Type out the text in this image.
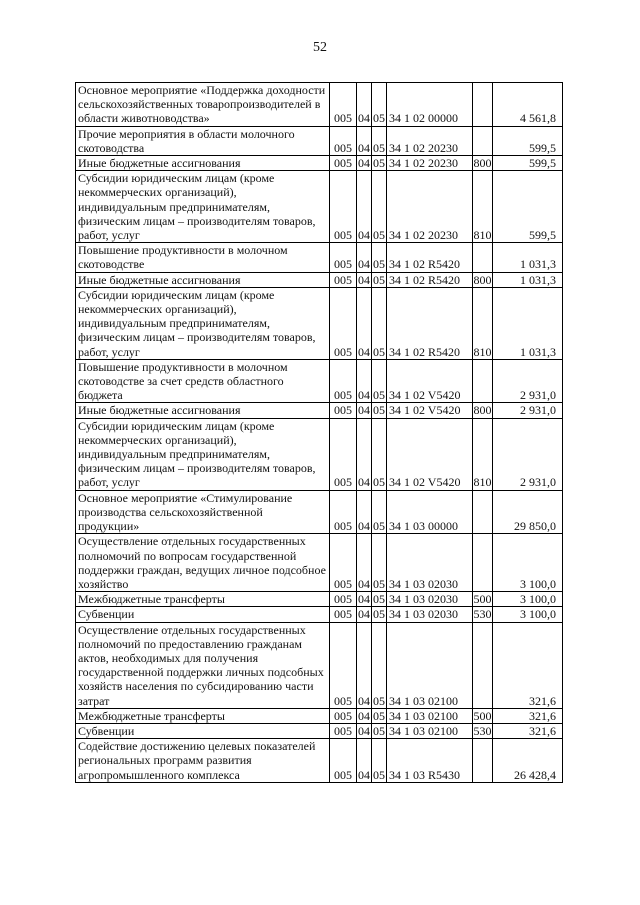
52
Основное мероприятие «Поддержка доходности сельскохозяйственных товаропроизводителей в области животноводства»	005	04	05	34 1 02 00000		4 561,8
Прочие мероприятия в области молочного скотоводства	005	04	05	34 1 02 20230		599,5
Иные бюджетные ассигнования	005	04	05	34 1 02 20230	800	599,5
Субсидии юридическим лицам (кроме некоммерческих организаций), индивидуальным предпринимателям, физическим лицам – производителям товаров, работ, услуг	005	04	05	34 1 02 20230	810	599,5
Повышение продуктивности в молочном скотоводстве	005	04	05	34 1 02 R5420		1 031,3
Иные бюджетные ассигнования	005	04	05	34 1 02 R5420	800	1 031,3
Субсидии юридическим лицам (кроме некоммерческих организаций), индивидуальным предпринимателям, физическим лицам – производителям товаров, работ, услуг	005	04	05	34 1 02 R5420	810	1 031,3
Повышение продуктивности в молочном скотоводстве за счет средств областного бюджета	005	04	05	34 1 02 V5420		2 931,0
Иные бюджетные ассигнования	005	04	05	34 1 02 V5420	800	2 931,0
Субсидии юридическим лицам (кроме некоммерческих организаций), индивидуальным предпринимателям, физическим лицам – производителям товаров, работ, услуг	005	04	05	34 1 02 V5420	810	2 931,0
Основное мероприятие «Стимулирование производства сельскохозяйственной продукции»	005	04	05	34 1 03 00000		29 850,0
Осуществление отдельных государственных полномочий по вопросам государственной поддержки граждан, ведущих личное подсобное хозяйство	005	04	05	34 1 03 02030		3 100,0
Межбюджетные трансферты	005	04	05	34 1 03 02030	500	3 100,0
Субвенции	005	04	05	34 1 03 02030	530	3 100,0
Осуществление отдельных государственных полномочий по предоставлению гражданам актов, необходимых для получения государственной поддержки личных подсобных хозяйств населения по субсидированию части затрат	005	04	05	34 1 03 02100		321,6
Межбюджетные трансферты	005	04	05	34 1 03 02100	500	321,6
Субвенции	005	04	05	34 1 03 02100	530	321,6
Содействие достижению целевых показателей региональных программ развития агропромышленного комплекса	005	04	05	34 1 03 R5430		26 428,4
